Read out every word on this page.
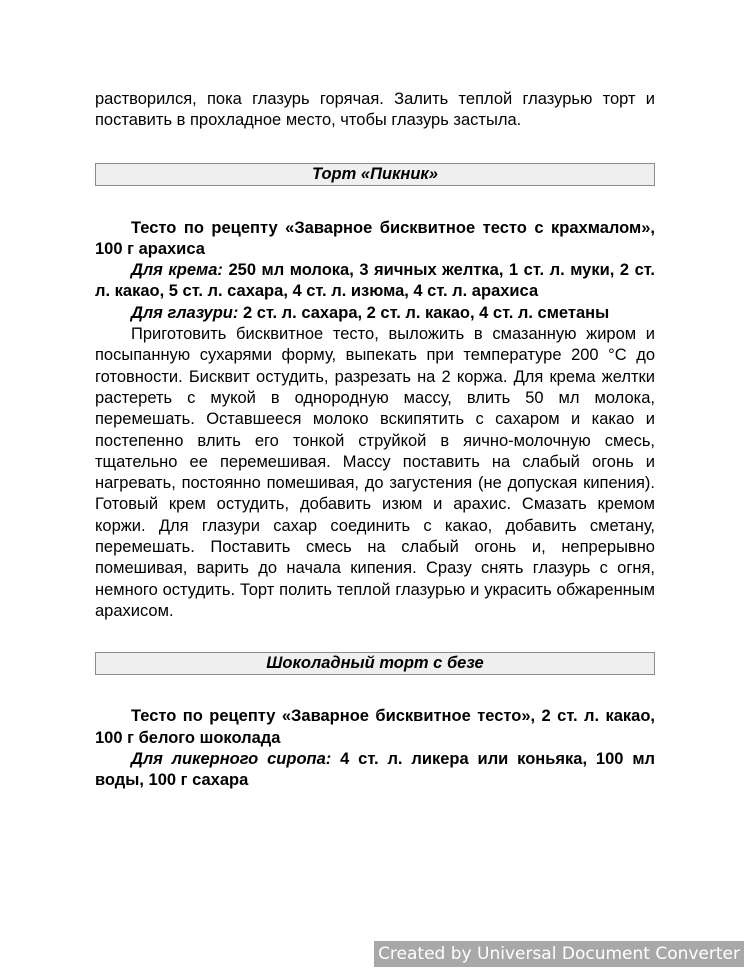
растворился, пока глазурь горячая. Залить теплой глазурью торт и поставить в прохладное место, чтобы глазурь застыла.

Торт «Пикник»

Тесто по рецепту «Заварное бисквитное тесто с крахмалом», 100 г арахиса

Для крема: 250 мл молока, 3 яичных желтка, 1 ст. л. муки, 2 ст. л. какао, 5 ст. л. сахара, 4 ст. л. изюма, 4 ст. л. арахиса

Для глазури: 2 ст. л. сахара, 2 ст. л. какао, 4 ст. л. сметаны

Приготовить бисквитное тесто, выложить в смазанную жиром и посыпанную сухарями форму, выпекать при температуре 200 °С до готовности. Бисквит остудить, разрезать на 2 коржа. Для крема желтки растереть с мукой в однородную массу, влить 50 мл молока, перемешать. Оставшееся молоко вскипятить с сахаром и какао и постепенно влить его тонкой струйкой в яично-молочную смесь, тщательно ее перемешивая. Массу поставить на слабый огонь и нагревать, постоянно помешивая, до загустения (не допуская кипения). Готовый крем остудить, добавить изюм и арахис. Смазать кремом коржи. Для глазури сахар соединить с какао, добавить сметану, перемешать. Поставить смесь на слабый огонь и, непрерывно помешивая, варить до начала кипения. Сразу снять глазурь с огня, немного остудить. Торт полить теплой глазурью и украсить обжаренным арахисом.

Шоколадный торт с безе

Тесто по рецепту «Заварное бисквитное тесто», 2 ст. л. какао, 100 г белого шоколада

Для ликерного сиропа: 4 ст. л. ликера или коньяка, 100 мл воды, 100 г сахара

Created by Universal Document Converter
